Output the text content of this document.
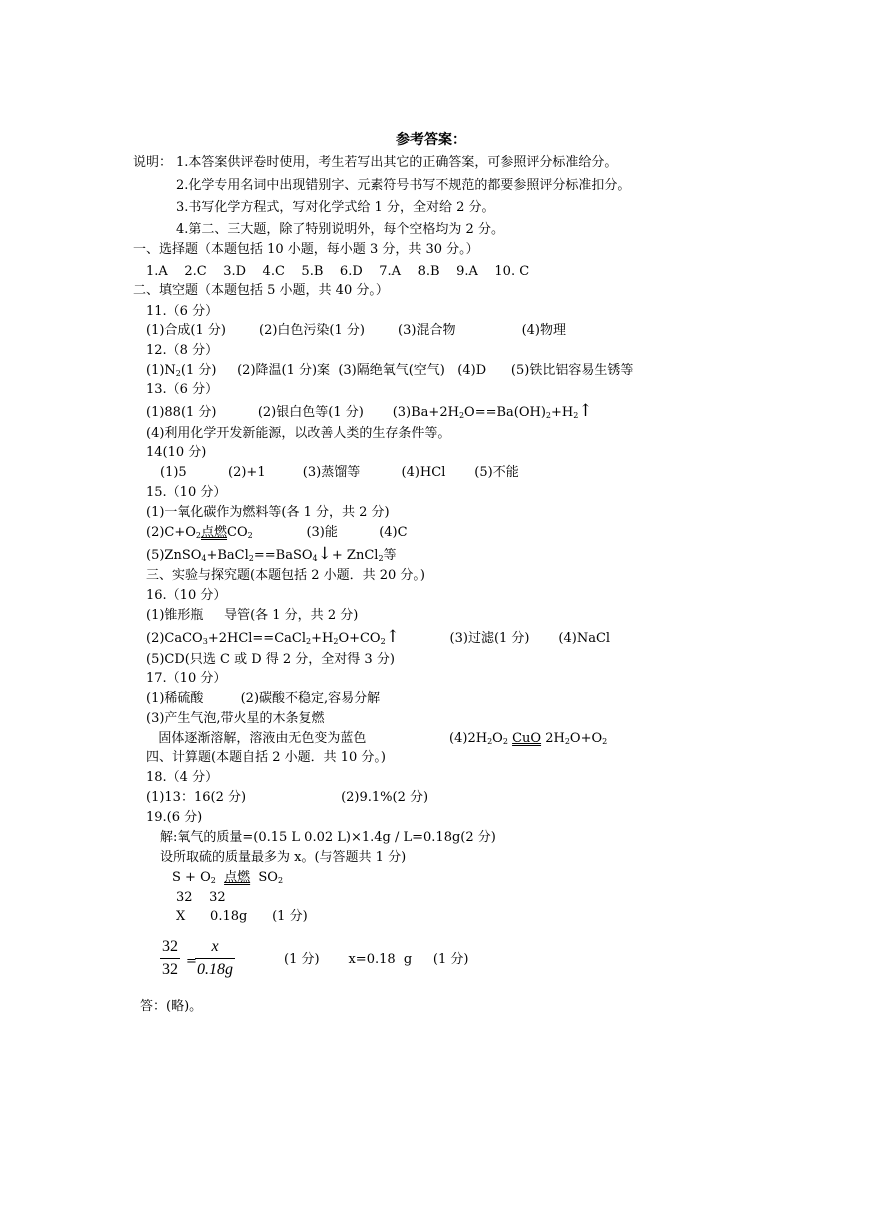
参考答案：
说明： 1.本答案供评卷时使用，考生若写出其它的正确答案，可参照评分标准给分。
2.化学专用名词中出现错别字、元素符号书写不规范的都要参照评分标准扣分。
3.书写化学方程式，写对化学式给 1 分，全对给 2 分。
4.第二、三大题，除了特别说明外，每个空格均为 2 分。
一、选择题（本题包括 10 小题，每小题 3 分，共 30 分。）
1.A    2.C    3.D    4.C    5.B    6.D    7.A    8.B    9.A    10. C
二、填空题（本题包括 5 小题，共 40 分。）
11.（6 分）
(1)合成(1 分)        (2)白色污染(1 分)        (3)混合物                (4)物理
12.（8 分）
(1)N2(1 分)     (2)降温(1 分)案  (3)隔绝氧气(空气)   (4)D      (5)铁比铝容易生锈等
13.（6 分）
(1)88(1 分)          (2)银白色等(1 分)       (3)Ba+2H2O==Ba(OH)2+H2↑
(4)利用化学开发新能源，以改善人类的生存条件等。
14(10 分)
(1)5          (2)+1         (3)蒸馏等          (4)HCl       (5)不能
15.（10 分）
(1)一氧化碳作为燃料等(各 1 分，共 2 分)
(2)C+O2点燃CO2             (3)能          (4)C
(5)ZnSO4+BaCl2==BaSO4↓+ ZnCl2等
三、实验与探究题(本题包括 2 小题．共 20 分。)
16.（10 分）
(1)锥形瓶     导管(各 1 分，共 2 分)
(2)CaCO3+2HCl==CaCl2+H2O+CO2↑            (3)过滤(1 分)       (4)NaCl
(5)CD(只选 C 或 D 得 2 分，全对得 3 分)
17.（10 分）
(1)稀硫酸         (2)碳酸不稳定,容易分解
(3)产生气泡,带火星的木条复燃
固体逐渐溶解，溶液由无色变为蓝色                    (4)2H2O2 CuO 2H2O+O2
四、计算题(本题自括 2 小题．共 10 分。)
18.（4 分）
(1)13：16(2 分)                       (2)9.1%(2 分)
19.(6 分)
解:氧气的质量=(0.15 L 0.02 L)×1.4g / L=0.18g(2 分)
设所取硫的质量最多为 x。(与答题共 1 分)
S + O2 点燃 SO2
32    32
X      0.18g      (1 分)
$\frac{32}{32}$ =
$\frac{x}{0.18g}$	(1 分)       x=0.18  g     (1 分)
答：(略)。
